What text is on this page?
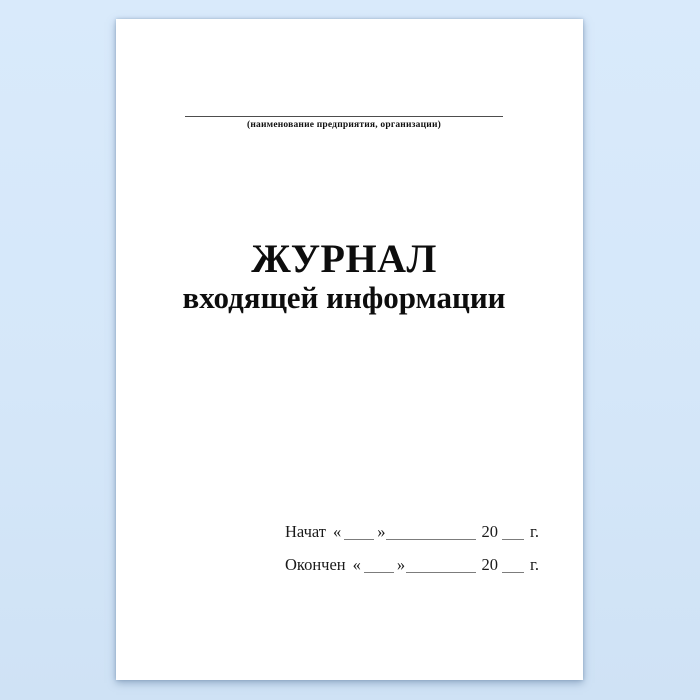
(наименование предприятия, организации)
ЖУРНАЛ
входящей информации
Начат « »	20 г.
Окончен « »	20 г.
